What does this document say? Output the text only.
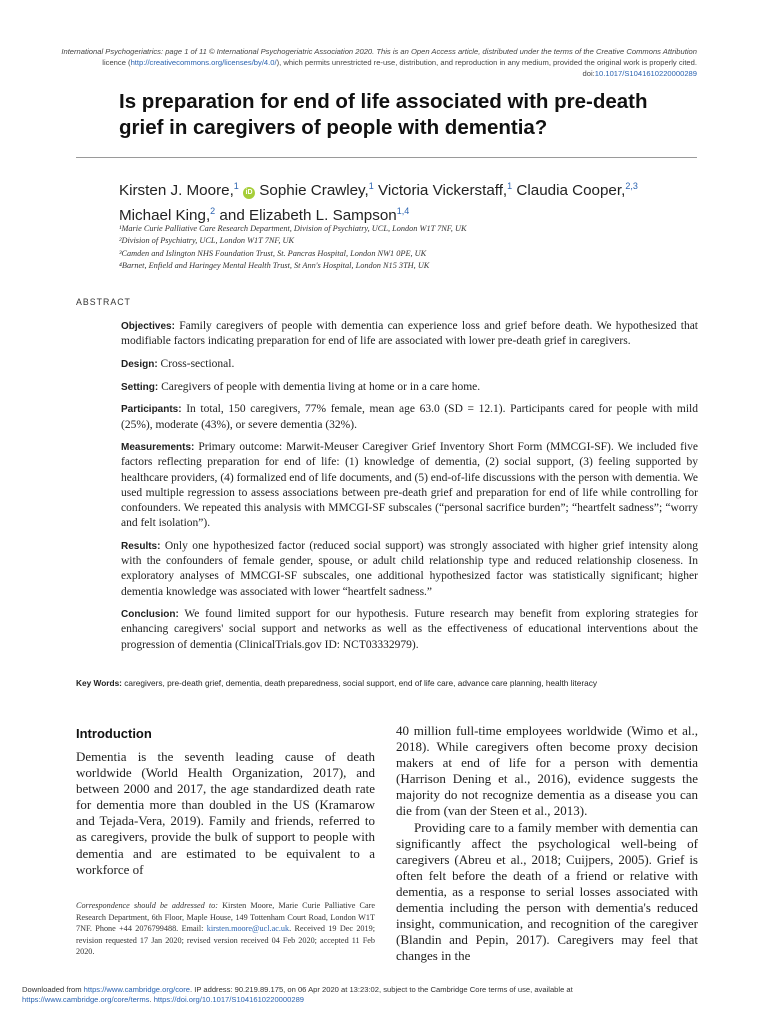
International Psychogeriatrics: page 1 of 11 © International Psychogeriatric Association 2020. This is an Open Access article, distributed under the terms of the Creative Commons Attribution
licence (http://creativecommons.org/licenses/by/4.0/), which permits unrestricted re-use, distribution, and reproduction in any medium, provided the original work is properly cited.
doi:10.1017/S1041610220000289
Is preparation for end of life associated with pre-death grief in caregivers of people with dementia?
Kirsten J. Moore,$^1$ iD Sophie Crawley,$^1$ Victoria Vickerstaff,$^1$ Claudia Cooper,$^{2,3}$
Michael King,$^2$ and Elizabeth L. Sampson$^{1,4}$
¹Marie Curie Palliative Care Research Department, Division of Psychiatry, UCL, London W1T 7NF, UK
²Division of Psychiatry, UCL, London W1T 7NF, UK
³Camden and Islington NHS Foundation Trust, St. Pancras Hospital, London NW1 0PE, UK
⁴Barnet, Enfield and Haringey Mental Health Trust, St Ann's Hospital, London N15 3TH, UK
ABSTRACT

Objectives: Family caregivers of people with dementia can experience loss and grief before death. We hypothesized that modifiable factors indicating preparation for end of life are associated with lower pre-death grief in caregivers.

Design: Cross-sectional.

Setting: Caregivers of people with dementia living at home or in a care home.

Participants: In total, 150 caregivers, 77% female, mean age 63.0 (SD = 12.1). Participants cared for people with mild (25%), moderate (43%), or severe dementia (32%).

Measurements: Primary outcome: Marwit-Meuser Caregiver Grief Inventory Short Form (MMCGI-SF). We included five factors reflecting preparation for end of life: (1) knowledge of dementia, (2) social support, (3) feeling supported by healthcare providers, (4) formalized end of life documents, and (5) end-of-life discussions with the person with dementia. We used multiple regression to assess associations between pre-death grief and preparation for end of life while controlling for confounders. We repeated this analysis with MMCGI-SF subscales (“personal sacrifice burden”; “heartfelt sadness”; “worry and felt isolation”).

Results: Only one hypothesized factor (reduced social support) was strongly associated with higher grief intensity along with the confounders of female gender, spouse, or adult child relationship type and reduced relationship closeness. In exploratory analyses of MMCGI-SF subscales, one additional hypothesized factor was statistically significant; higher dementia knowledge was associated with lower “heartfelt sadness.”

Conclusion: We found limited support for our hypothesis. Future research may benefit from exploring strategies for enhancing caregivers' social support and networks as well as the effectiveness of educational interventions about the progression of dementia (ClinicalTrials.gov ID: NCT03332979).

Key Words: caregivers, pre-death grief, dementia, death preparedness, social support, end of life care, advance care planning, health literacy
Introduction

Dementia is the seventh leading cause of death worldwide (World Health Organization, 2017), and between 2000 and 2017, the age standardized death rate for dementia more than doubled in the US (Kramarow and Tejada-Vera, 2019). Family and friends, referred to as caregivers, provide the bulk of support to people with dementia and are estimated to be equivalent to a workforce of

40 million full-time employees worldwide (Wimo et al., 2018). While caregivers often become proxy decision makers at end of life for a person with dementia (Harrison Dening et al., 2016), evidence suggests the majority do not recognize dementia as a disease you can die from (van der Steen et al., 2013).

Providing care to a family member with dementia can significantly affect the psychological well-being of caregivers (Abreu et al., 2018; Cuijpers, 2005). Grief is often felt before the death of a friend or relative with dementia, as a response to serial losses associated with dementia including the person with dementia's reduced insight, communication, and recognition of the caregiver (Blandin and Pepin, 2017). Caregivers may feel that changes in the

Correspondence should be addressed to: Kirsten Moore, Marie Curie Palliative Care Research Department, 6th Floor, Maple House, 149 Tottenham Court Road, London W1T 7NF. Phone +44 2076799488. Email: kirsten.moore@ucl.ac.uk. Received 19 Dec 2019; revision requested 17 Jan 2020; revised version received 04 Feb 2020; accepted 11 Feb 2020.
Downloaded from https://www.cambridge.org/core. IP address: 90.219.89.175, on 06 Apr 2020 at 13:23:02, subject to the Cambridge Core terms of use, available at
https://www.cambridge.org/core/terms. https://doi.org/10.1017/S1041610220000289
